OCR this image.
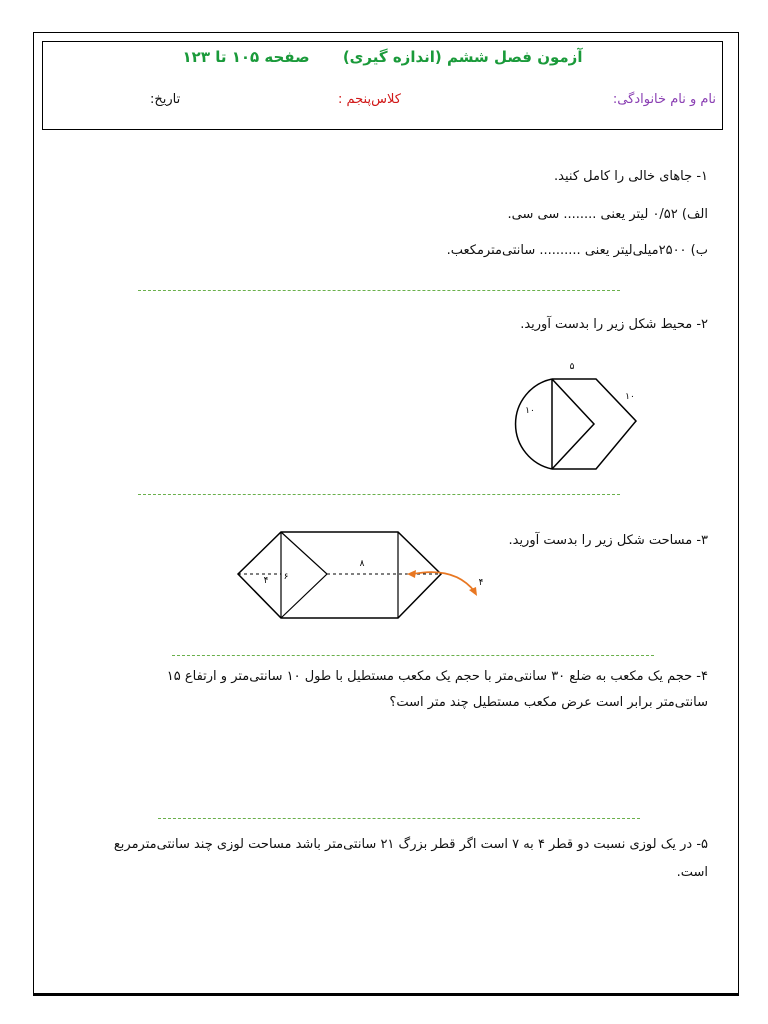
آزمون فصل ششم (اندازه گیری) صفحه ۱۰۵ تا ۱۲۳
نام و نام خانوادگی:
کلاس‌پنجم :
تاریخ:
۱- جاهای خالی را کامل کنید.
الف) ۰/۵۲ لیتر یعنی ........ سی سی.
ب) ۲۵۰۰میلی‌لیتر یعنی .......... سانتی‌مترمکعب.
۲- محیط شکل زیر را بدست آورید.
۵
۱۰
۱۰
۳- مساحت شکل زیر را بدست آورید.
۸
۶
۴	۴
۴- حجم یک مکعب به ضلع ۳۰ سانتی‌متر با حجم یک مکعب مستطیل با طول ۱۰ سانتی‌متر و ارتفاع ۱۵
سانتی‌متر برابر است عرض مکعب مستطیل چند متر است؟
۵- در یک لوزی نسبت دو قطر ۴ به ۷ است اگر قطر بزرگ ۲۱ سانتی‌متر باشد مساحت لوزی چند سانتی‌مترمربع
است.
